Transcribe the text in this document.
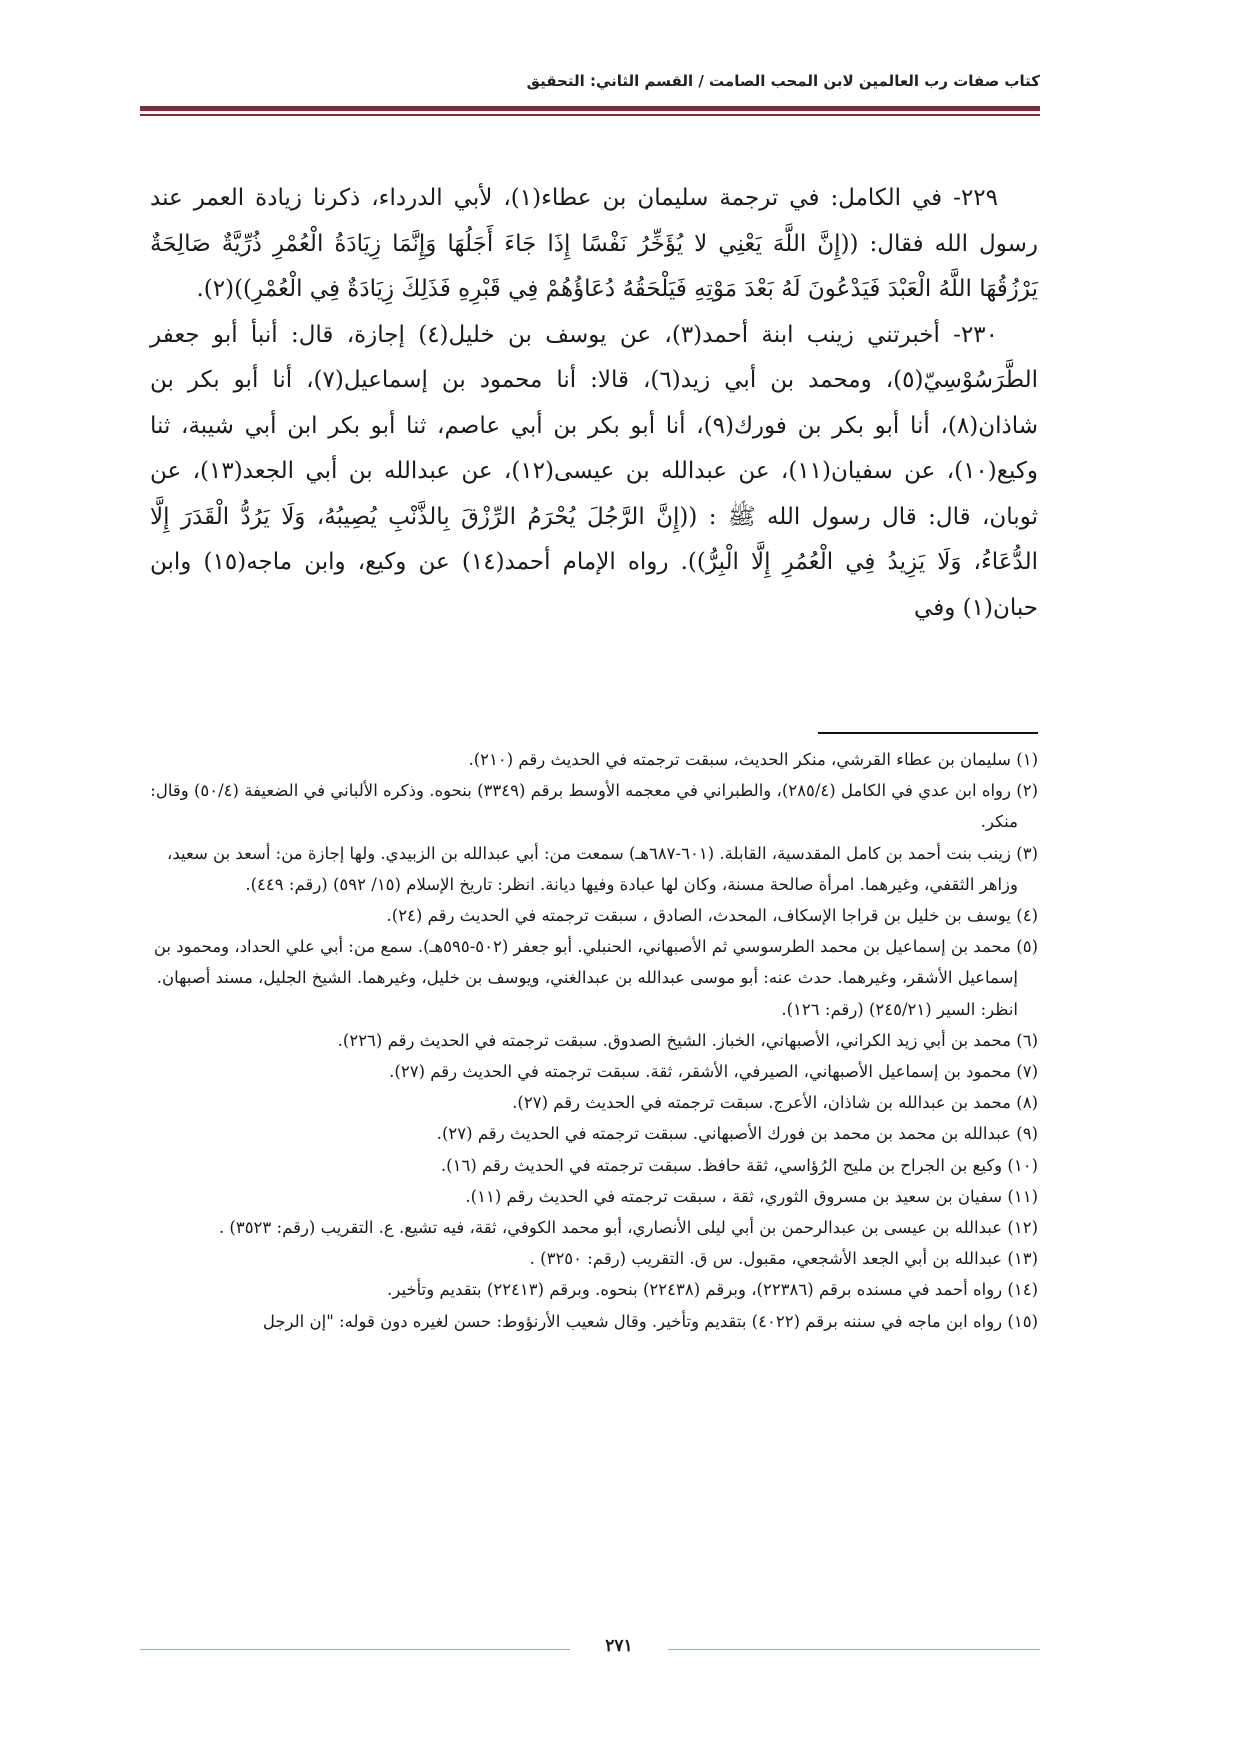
كتاب صفات رب العالمين لابن المحب الصامت / القسم الثاني: التحقيق

٢٢٩- في الكامل: في ترجمة سليمان بن عطاء(١)، لأبي الدرداء، ذكرنا زيادة العمر عند رسول الله فقال: ((إِنَّ اللَّهَ يَعْنِي لا يُؤَخِّرُ نَفْسًا إِذَا جَاءَ أَجَلُهَا وَإِنَّمَا زِيَادَةُ الْعُمْرِ ذُرِّيَّةٌ صَالِحَةٌ يَرْزُقُهَا اللَّهُ الْعَبْدَ فَيَدْعُونَ لَهُ بَعْدَ مَوْتِهِ فَيَلْحَقُهُ دُعَاؤُهُمْ فِي قَبْرِهِ فَذَلِكَ زِيَادَةٌ فِي الْعُمْرِ))(٢).

٢٣٠- أخبرتني زينب ابنة أحمد(٣)، عن يوسف بن خليل(٤) إجازة، قال: أنبأ أبو جعفر الطَّرَسُوْسِيّ(٥)، ومحمد بن أبي زيد(٦)، قالا: أنا محمود بن إسماعيل(٧)، أنا أبو بكر بن شاذان(٨)، أنا أبو بكر بن فورك(٩)، أنا أبو بكر بن أبي عاصم، ثنا أبو بكر ابن أبي شيبة، ثنا وكيع(١٠)، عن سفيان(١١)، عن عبدالله بن عيسى(١٢)، عن عبدالله بن أبي الجعد(١٣)، عن ثوبان، قال: قال رسول الله ﷺ : ((إِنَّ الرَّجُلَ يُحْرَمُ الرِّزْقَ بِالذَّنْبِ يُصِيبُهُ، وَلَا يَرُدُّ الْقَدَرَ إِلَّا الدُّعَاءُ، وَلَا يَزِيدُ فِي الْعُمُرِ إِلَّا الْبِرُّ)). رواه الإمام أحمد(١٤) عن وكيع، وابن ماجه(١٥) وابن حبان(١) وفي

(١) سليمان بن عطاء القرشي، منكر الحديث، سبقت ترجمته في الحديث رقم (٢١٠).
(٢) رواه ابن عدي في الكامل (٢٨٥/٤)، والطبراني في معجمه الأوسط برقم (٣٣٤٩) بنحوه. وذكره الألباني في الضعيفة (٥٠/٤) وقال: منكر.
(٣) زينب بنت أحمد بن كامل المقدسية، القابلة. (٦٠١-٦٨٧هـ) سمعت من: أبي عبدالله بن الزبيدي. ولها إجازة من: أسعد بن سعيد، وزاهر الثقفي، وغيرهما. امرأة صالحة مسنة، وكان لها عبادة وفيها ديانة. انظر: تاريخ الإسلام (١٥/ ٥٩٢) (رقم: ٤٤٩).
(٤) يوسف بن خليل بن قراجا الإسكاف، المحدث، الصادق ، سبقت ترجمته في الحديث رقم (٢٤).
(٥) محمد بن إسماعيل بن محمد الطرسوسي ثم الأصبهاني، الحنبلي. أبو جعفر (٥٠٢-٥٩٥هـ). سمع من: أبي علي الحداد، ومحمود بن إسماعيل الأشقر، وغيرهما. حدث عنه: أبو موسى عبدالله بن عبدالغني، ويوسف بن خليل، وغيرهما. الشيخ الجليل، مسند أصبهان. انظر: السير (٢٤٥/٢١) (رقم: ١٢٦).
(٦) محمد بن أبي زيد الكراني، الأصبهاني، الخباز. الشيخ الصدوق. سبقت ترجمته في الحديث رقم (٢٢٦).
(٧) محمود بن إسماعيل الأصبهاني، الصيرفي، الأشقر، ثقة. سبقت ترجمته في الحديث رقم (٢٧).
(٨) محمد بن عبدالله بن شاذان، الأعرج. سبقت ترجمته في الحديث رقم (٢٧).
(٩) عبدالله بن محمد بن محمد بن فورك الأصبهاني. سبقت ترجمته في الحديث رقم (٢٧).
(١٠) وكيع بن الجراح بن مليح الرُؤاسي، ثقة حافظ. سبقت ترجمته في الحديث رقم (١٦).
(١١) سفيان بن سعيد بن مسروق الثوري، ثقة ، سبقت ترجمته في الحديث رقم (١١).
(١٢) عبدالله بن عيسى بن عبدالرحمن بن أبي ليلى الأنصاري، أبو محمد الكوفي، ثقة، فيه تشيع. ع. التقريب (رقم: ٣٥٢٣) .
(١٣) عبدالله بن أبي الجعد الأشجعي، مقبول. س ق. التقريب (رقم: ٣٢٥٠) .
(١٤) رواه أحمد في مسنده برقم (٢٢٣٨٦)، وبرقم (٢٢٤٣٨) بنحوه. وبرقم (٢٢٤١٣) بتقديم وتأخير.
(١٥) رواه ابن ماجه في سننه برقم (٤٠٢٢) بتقديم وتأخير. وقال شعيب الأرنؤوط: حسن لغيره دون قوله: "إن الرجل
٢٧١
